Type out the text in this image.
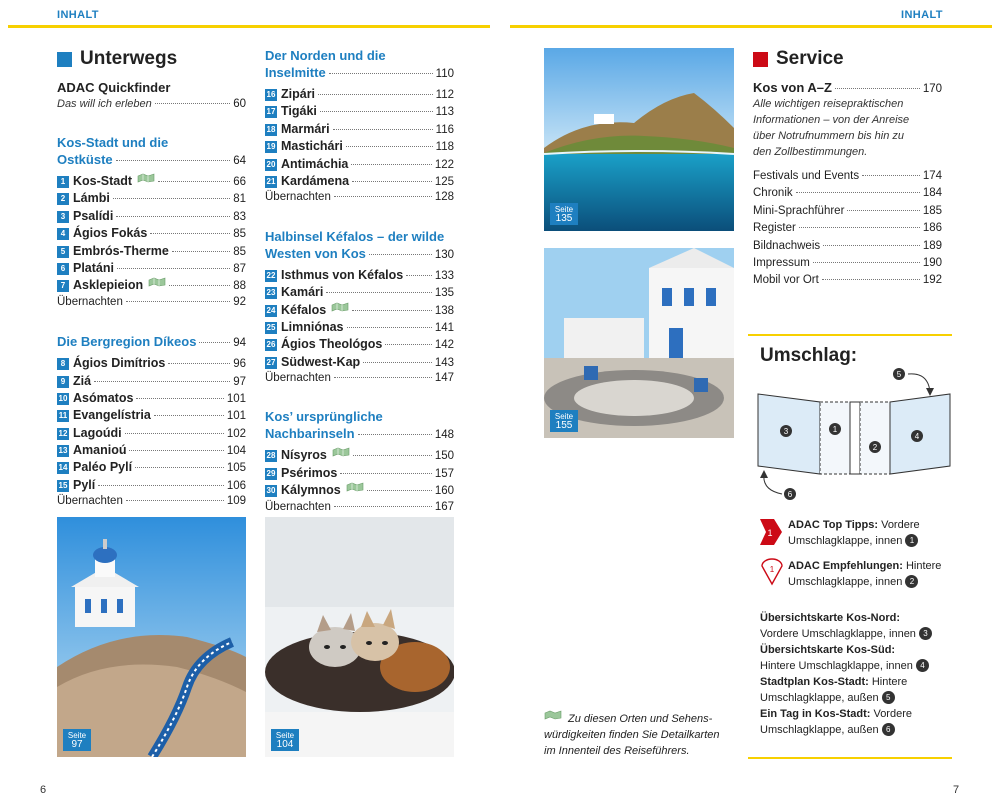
INHALT	INHALT
Unterwegs
ADAC Quickfinder
Das will ich erleben	60
Kos-Stadt und die
Ostküste	64
1 Kos-Stadt	66
2 Lámbi	81
3 Psalídi	83
4 Ágios Fokás	85
5 Embrós-Therme	85
6 Platáni	87
7 Asklepieion	88
Übernachten	92
Die Bergregion Díkeos	94
8 Ágios Dimítrios	96
9 Ziá	97
10 Asómatos	101
11 Evangelístria	101
12 Lagoúdi	102
13 Amanioú	104
14 Paléo Pylí	105
15 Pylí	106
Übernachten	109
Seite
97
Der Norden und die
Inselmitte	110
16 Zipári	112
17 Tigáki	113
18 Marmári	116
19 Mastichári	118
20 Antimáchia	122
21 Kardámena	125
Übernachten	128
Halbinsel Kéfalos – der wilde
Westen von Kos	130
22 Isthmus von Kéfalos	133
23 Kamári	135
24 Kéfalos	138
25 Limniónas	141
26 Ágios Theológos	142
27 Südwest-Kap	143
Übernachten	147
Kos’ ursprüngliche
Nachbarinseln	148
28 Nísyros	150
29 Psérimos	157
30 Kálymnos	160
Übernachten	167
Seite
104
Seite
135
Seite
155
Zu diesen Orten und Sehens-
würdigkeiten finden Sie Detailkarten
im Innenteil des Reiseführers.
Service
Kos von A–Z	170
Alle wichtigen reisepraktischen
Informationen – von der Anreise
über Notrufnummern bis hin zu
den Zollbestimmungen.
Festivals und Events	174
Chronik	184
Mini-Sprachführer	185
Register	186
Bildnachweis	189
Impressum	190
Mobil vor Ort	192
Umschlag:
3	1
2
4
5
6
1
ADAC Top Tipps: Vordere
Umschlagklappe, innen 1
1 ADAC Empfehlungen: Hintere
Umschlagklappe, innen 2
Übersichtskarte Kos-Nord:
Vordere Umschlagklappe, innen 3
Übersichtskarte Kos-Süd:
Hintere Umschlagklappe, innen 4
Stadtplan Kos-Stadt: Hintere
Umschlagklappe, außen 5
Ein Tag in Kos-Stadt: Vordere
Umschlagklappe, außen 6
6	7
